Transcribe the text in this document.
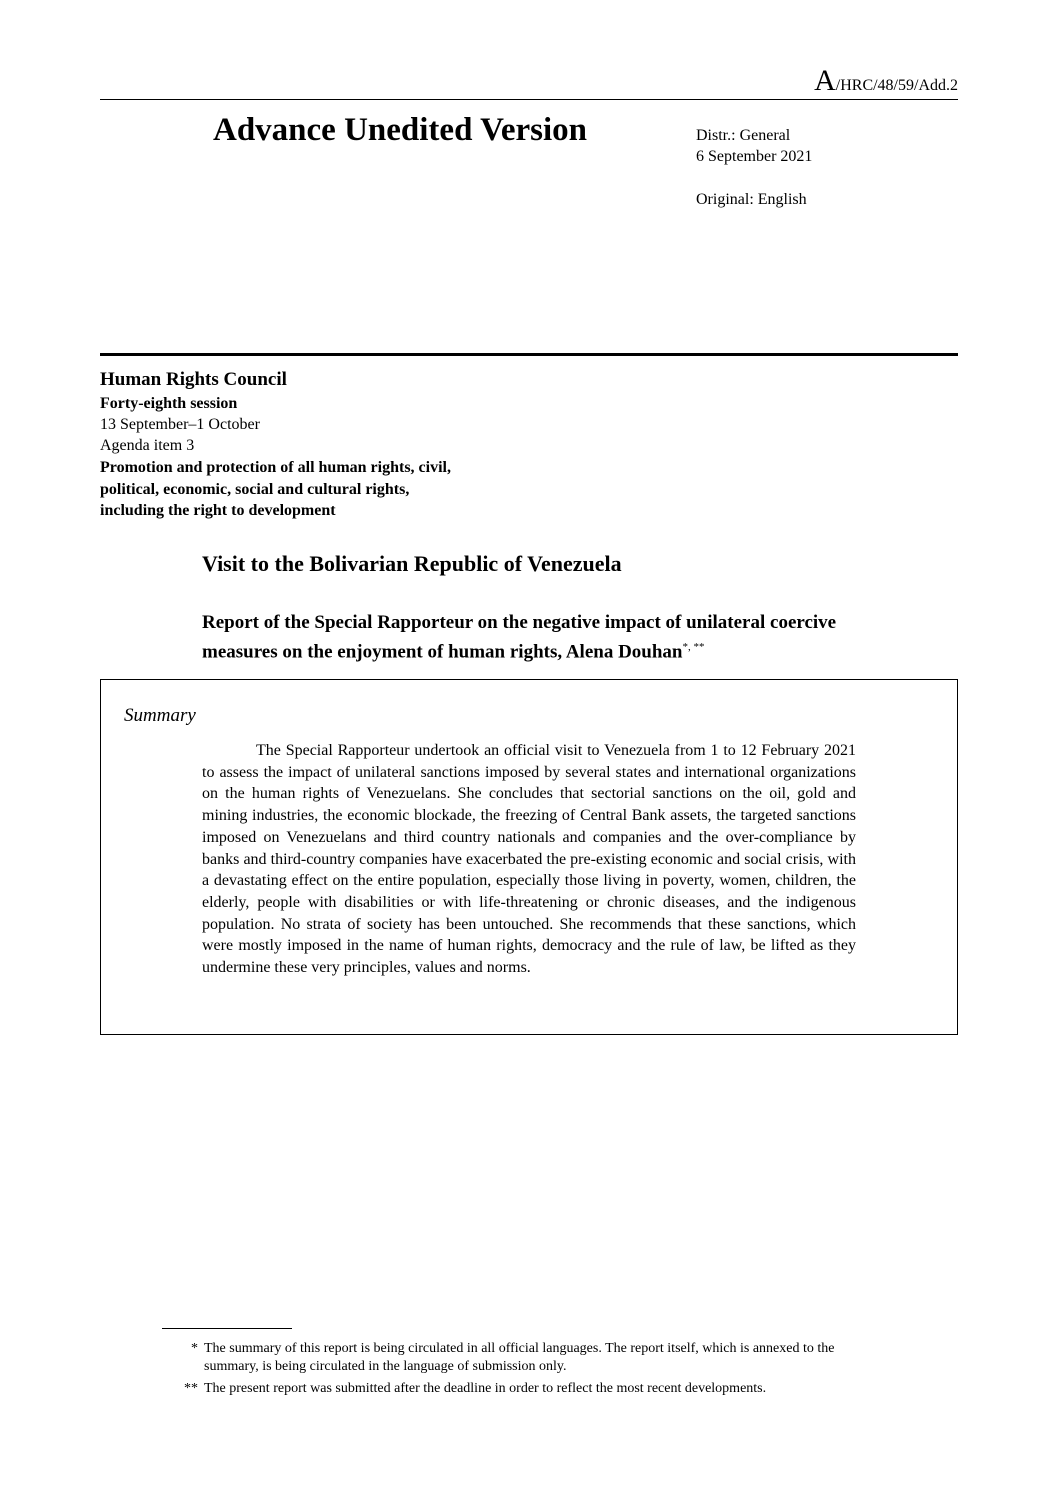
A/HRC/48/59/Add.2
Advance Unedited Version	Distr.: General
6 September 2021
Original: English
Human Rights Council
Forty-eighth session
13 September–1 October
Agenda item 3
Promotion and protection of all human rights, civil,
political, economic, social and cultural rights,
including the right to development
Visit to the Bolivarian Republic of Venezuela
Report of the Special Rapporteur on the negative impact of unilateral coercive measures on the enjoyment of human rights, Alena Douhan*, **
Summary
The Special Rapporteur undertook an official visit to Venezuela from 1 to 12 February 2021 to assess the impact of unilateral sanctions imposed by several states and international organizations on the human rights of Venezuelans. She concludes that sectorial sanctions on the oil, gold and mining industries, the economic blockade, the freezing of Central Bank assets, the targeted sanctions imposed on Venezuelans and third country nationals and companies and the over-compliance by banks and third-country companies have exacerbated the pre-existing economic and social crisis, with a devastating effect on the entire population, especially those living in poverty, women, children, the elderly, people with disabilities or with life-threatening or chronic diseases, and the indigenous population. No strata of society has been untouched. She recommends that these sanctions, which were mostly imposed in the name of human rights, democracy and the rule of law, be lifted as they undermine these very principles, values and norms.
* The summary of this report is being circulated in all official languages. The report itself, which is annexed to the summary, is being circulated in the language of submission only.
** The present report was submitted after the deadline in order to reflect the most recent developments.
